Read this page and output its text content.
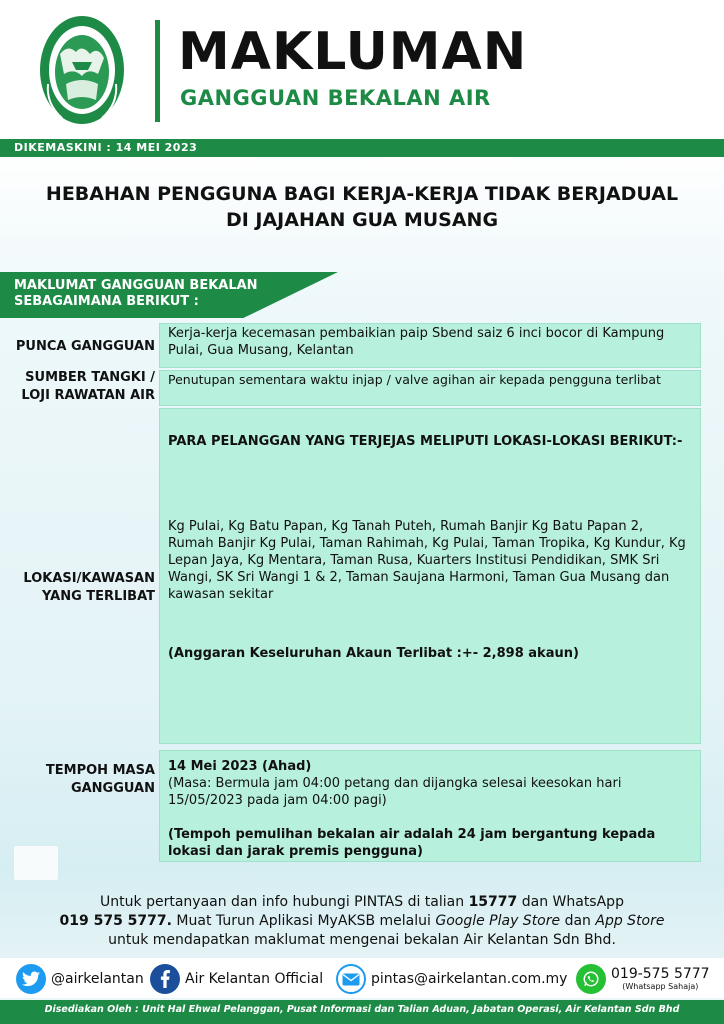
MAKLUMAN
GANGGUAN BEKALAN AIR
DIKEMASKINI : 14 MEI 2023
HEBAHAN PENGGUNA BAGI KERJA-KERJA TIDAK BERJADUAL
DI JAJAHAN GUA MUSANG
MAKLUMAT GANGGUAN BEKALAN
SEBAGAIMANA BERIKUT :
PUNCA GANGGUAN

Kerja-kerja kecemasan pembaikian paip Sbend saiz 6 inci bocor di Kampung Pulai, Gua Musang, Kelantan

SUMBER TANGKI /
LOJI RAWATAN AIR

Penutupan sementara waktu injap / valve agihan air kepada pengguna terlibat

LOKASI/KAWASAN
YANG TERLIBAT

PARA PELANGGAN YANG TERJEJAS MELIPUTI LOKASI-LOKASI BERIKUT:-

Kg Pulai, Kg Batu Papan, Kg Tanah Puteh, Rumah Banjir Kg Batu Papan 2, Rumah Banjir Kg Pulai, Taman Rahimah, Kg Pulai, Taman Tropika, Kg Kundur, Kg Lepan Jaya, Kg Mentara, Taman Rusa, Kuarters Institusi Pendidikan, SMK Sri Wangi, SK Sri Wangi 1 & 2, Taman Saujana Harmoni, Taman Gua Musang dan kawasan sekitar

(Anggaran Keseluruhan Akaun Terlibat :+- 2,898 akaun)

TEMPOH MASA
GANGGUAN

14 Mei 2023 (Ahad)

(Masa: Bermula jam 04:00 petang dan dijangka selesai keesokan hari 15/05/2023 pada jam 04:00 pagi)

(Tempoh pemulihan bekalan air adalah 24 jam bergantung kepada lokasi dan jarak premis pengguna)

Untuk pertanyaan dan info hubungi PINTAS di talian 15777 dan WhatsApp
019 575 5777. Muat Turun Aplikasi MyAKSB melalui Google Play Store dan App Store
untuk mendapatkan maklumat mengenai bekalan Air Kelantan Sdn Bhd.
@airkelantan	Air Kelantan Official	pintas@airkelantan.com.my	019-575 5777
(Whatsapp Sahaja)
Disediakan Oleh : Unit Hal Ehwal Pelanggan, Pusat Informasi dan Talian Aduan, Jabatan Operasi, Air Kelantan Sdn Bhd
